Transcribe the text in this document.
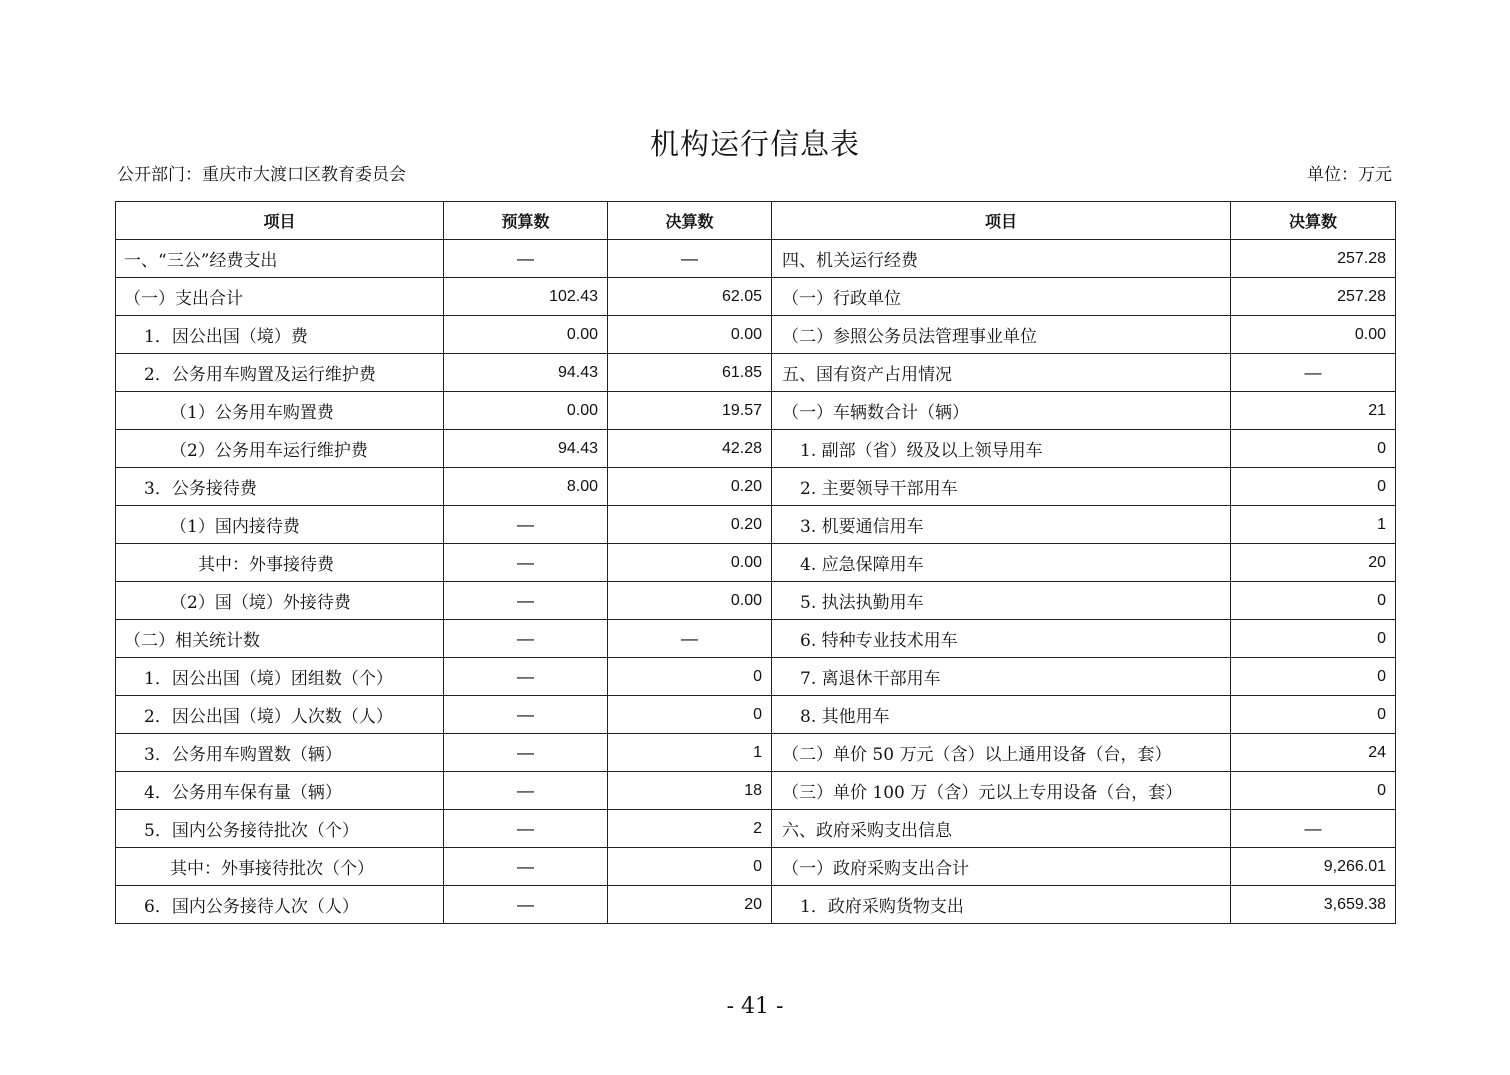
机构运行信息表
公开部门：重庆市大渡口区教育委员会	单位：万元
项目	预算数	决算数	项目	决算数
一、“三公”经费支出	—	—	四、机关运行经费	257.28
（一）支出合计	102.43	62.05	（一）行政单位	257.28
1．因公出国（境）费	0.00	0.00	（二）参照公务员法管理事业单位	0.00
2．公务用车购置及运行维护费	94.43	61.85	五、国有资产占用情况	—
（1）公务用车购置费	0.00	19.57	（一）车辆数合计（辆）	21
（2）公务用车运行维护费	94.43	42.28	1. 副部（省）级及以上领导用车	0
3．公务接待费	8.00	0.20	2. 主要领导干部用车	0
（1）国内接待费	—	0.20	3. 机要通信用车	1
其中：外事接待费	—	0.00	4. 应急保障用车	20
（2）国（境）外接待费	—	0.00	5. 执法执勤用车	0
（二）相关统计数	—	—	6. 特种专业技术用车	0
1．因公出国（境）团组数（个）	—	0	7. 离退休干部用车	0
2．因公出国（境）人次数（人）	—	0	8. 其他用车	0
3．公务用车购置数（辆）	—	1	（二）单价 50 万元（含）以上通用设备（台，套）	24
4．公务用车保有量（辆）	—	18	（三）单价 100 万（含）元以上专用设备（台，套）	0
5．国内公务接待批次（个）	—	2	六、政府采购支出信息	—
其中：外事接待批次（个）	—	0	（一）政府采购支出合计	9,266.01
6．国内公务接待人次（人）	—	20	1．政府采购货物支出	3,659.38
- 41 -
